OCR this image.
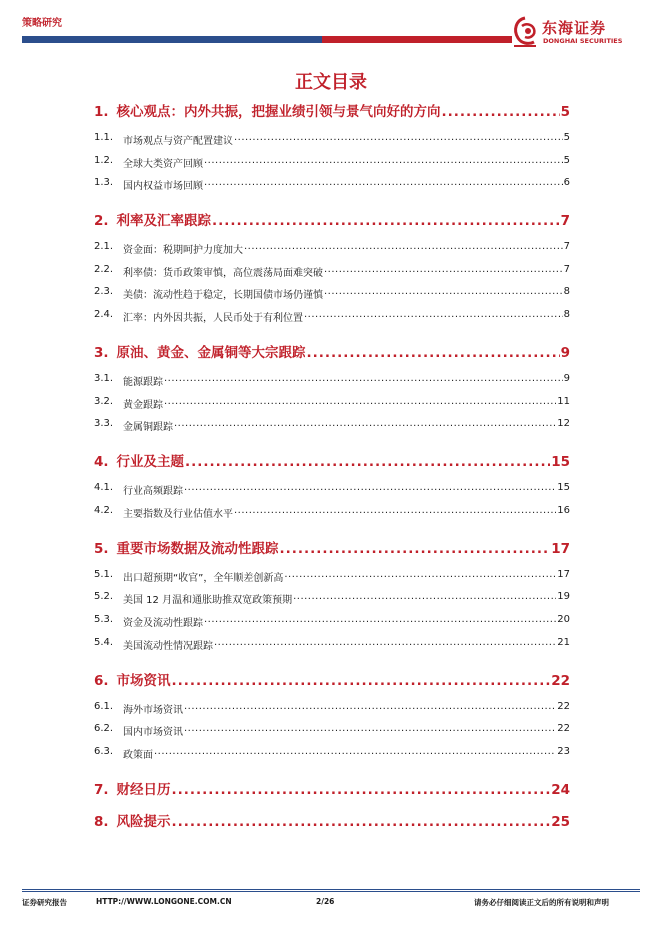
策略研究	东海证券
DONGHAI SECURITIES
正文目录
1. 核心观点：内外共振，把握业绩引领与景气向好的方向 .....	5
1.1. 市场观点与资产配置建议 .....	5
1.2. 全球大类资产回顾 .....	5
1.3. 国内权益市场回顾 .....	6
2. 利率及汇率跟踪 .....	7
2.1. 资金面：税期呵护力度加大 .....	7
2.2. 利率债：货币政策审慎，高位震荡局面难突破 .....	7
2.3. 美债：流动性趋于稳定，长期国债市场仍谨慎 .....	8
2.4. 汇率：内外因共振，人民币处于有利位置 .....	8
3. 原油、黄金、金属铜等大宗跟踪 .....	9
3.1. 能源跟踪 .....	9
3.2. 黄金跟踪 .....	11
3.3. 金属铜跟踪 .....	12
4. 行业及主题 .....	15
4.1. 行业高频跟踪 .....	15
4.2. 主要指数及行业估值水平 .....	16
5. 重要市场数据及流动性跟踪 .....	17
5.1. 出口超预期“收官”，全年顺差创新高 .....	17
5.2. 美国 12 月温和通胀助推双宽政策预期 .....	19
5.3. 资金及流动性跟踪 .....	20
5.4. 美国流动性情况跟踪 .....	21
6. 市场资讯 .....	22
6.1. 海外市场资讯 .....	22
6.2. 国内市场资讯 .....	22
6.3. 政策面 .....	23
7. 财经日历 .....	24
8. 风险提示 .....	25
证券研究报告	HTTP://WWW.LONGONE.COM.CN	2/26	请务必仔细阅读正文后的所有说明和声明
